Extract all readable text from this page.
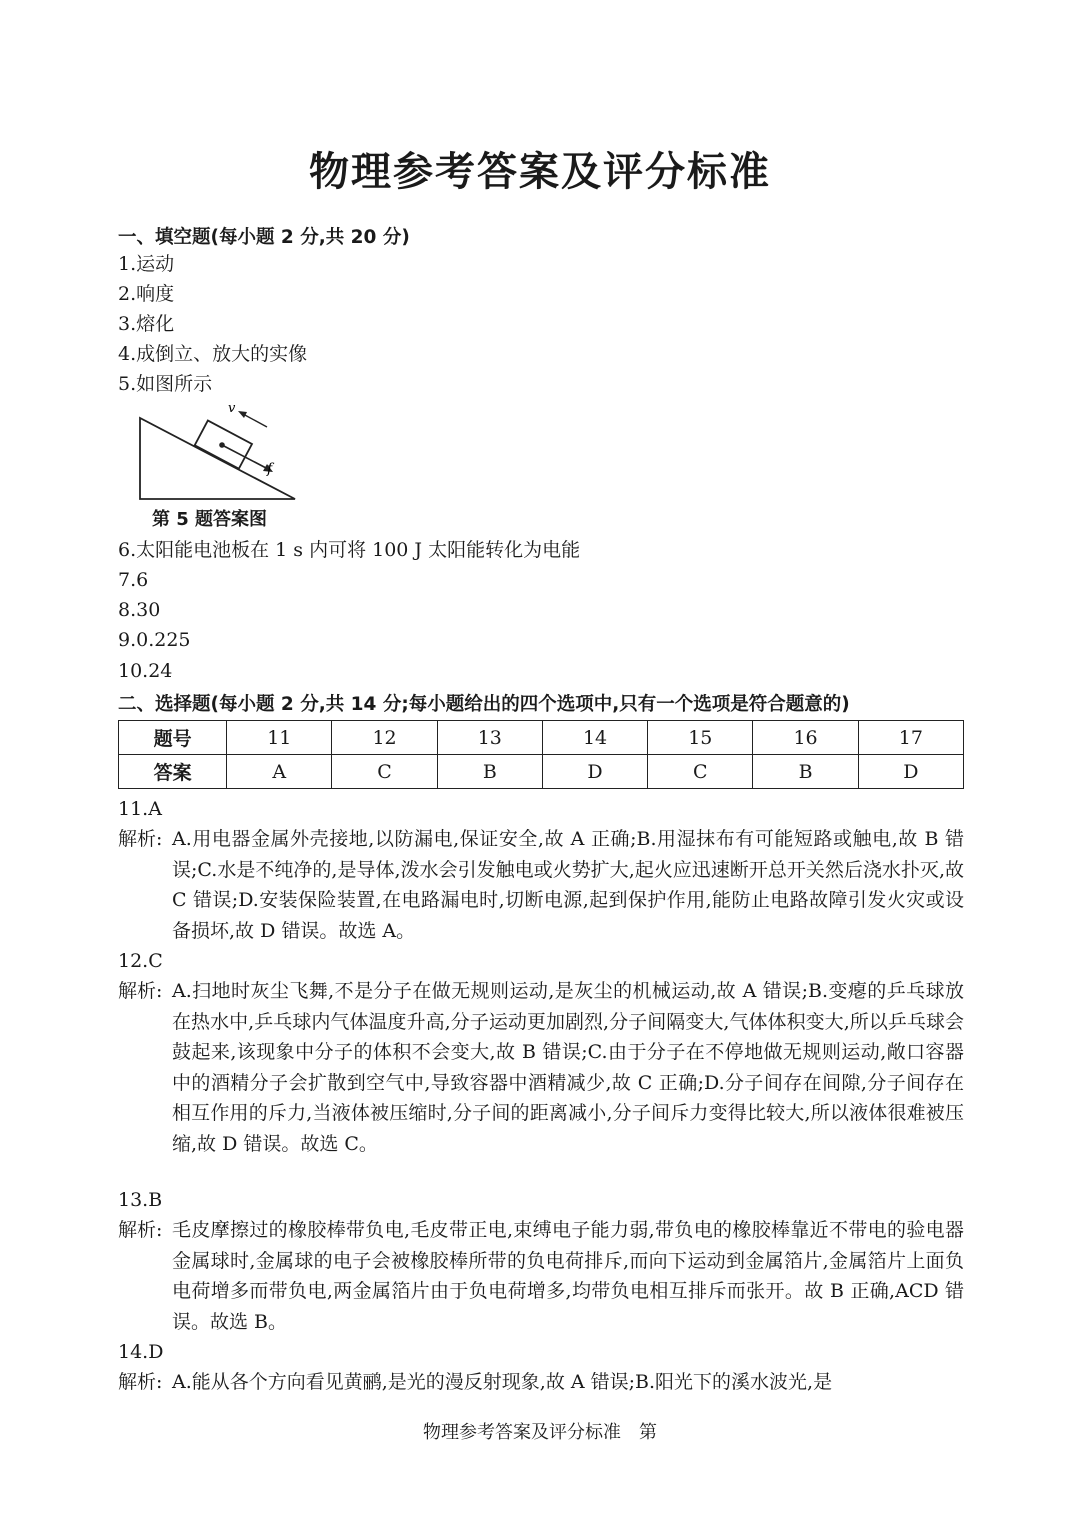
物理参考答案及评分标准
一、填空题(每小题 2 分,共 20 分)
1.运动
2.响度
3.熔化
4.成倒立、放大的实像
5.如图所示
v
f
第 5 题答案图
6.太阳能电池板在 1 s 内可将 100 J 太阳能转化为电能
7.6
8.30
9.0.225
10.24
二、选择题(每小题 2 分,共 14 分;每小题给出的四个选项中,只有一个选项是符合题意的)
题号	11	12	13	14	15	16	17
答案	A	C	B	D	C	B	D
11.A
解析: A.用电器金属外壳接地,以防漏电,保证安全,故 A 正确;B.用湿抹布有可能短路或触电,故 B 错误;C.水是不纯净的,是导体,泼水会引发触电或火势扩大,起火应迅速断开总开关然后浇水扑灭,故 C 错误;D.安装保险装置,在电路漏电时,切断电源,起到保护作用,能防止电路故障引发火灾或设备损坏,故 D 错误。故选 A。
12.C
解析: A.扫地时灰尘飞舞,不是分子在做无规则运动,是灰尘的机械运动,故 A 错误;B.变瘪的乒乓球放在热水中,乒乓球内气体温度升高,分子运动更加剧烈,分子间隔变大,气体体积变大,所以乒乓球会鼓起来,该现象中分子的体积不会变大,故 B 错误;C.由于分子在不停地做无规则运动,敞口容器中的酒精分子会扩散到空气中,导致容器中酒精减少,故 C 正确;D.分子间存在间隙,分子间存在相互作用的斥力,当液体被压缩时,分子间的距离减小,分子间斥力变得比较大,所以液体很难被压缩,故 D 错误。故选 C。
13.B
解析: 毛皮摩擦过的橡胶棒带负电,毛皮带正电,束缚电子能力弱,带负电的橡胶棒靠近不带电的验电器金属球时,金属球的电子会被橡胶棒所带的负电荷排斥,而向下运动到金属箔片,金属箔片上面负电荷增多而带负电,两金属箔片由于负电荷增多,均带负电相互排斥而张开。故 B 正确,ACD 错误。故选 B。
14.D
解析: A.能从各个方向看见黄鹂,是光的漫反射现象,故 A 错误;B.阳光下的溪水波光,是
物理参考答案及评分标准　第
